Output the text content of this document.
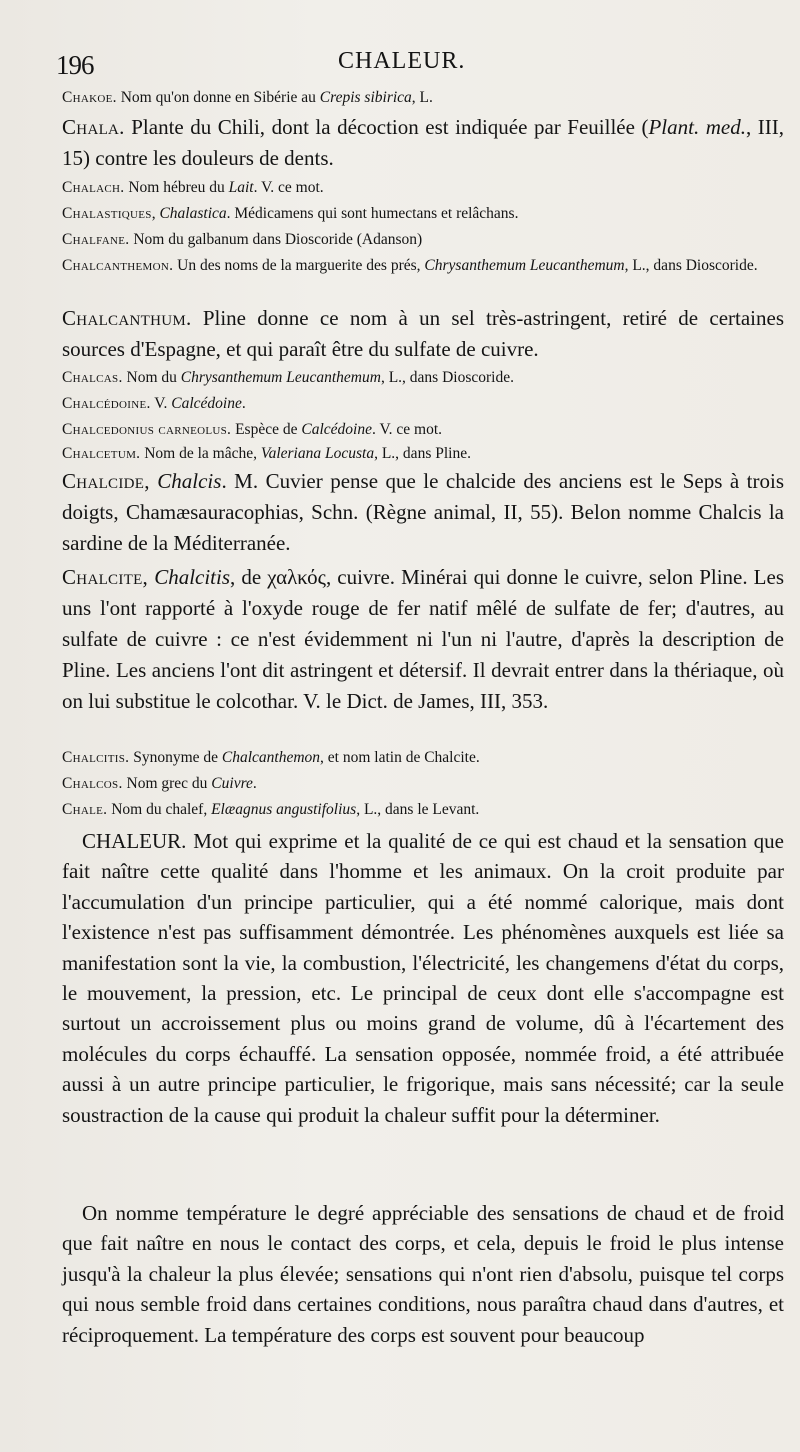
196	CHALEUR.
Chakoe. Nom qu'on donne en Sibérie au Crepis sibirica, L.
Chala. Plante du Chili, dont la décoction est indiquée par Feuillée (Plant. med., III, 15) contre les douleurs de dents.
Chalach. Nom hébreu du Lait. V. ce mot.
Chalastiques, Chalastica. Médicamens qui sont humectans et relâchans.
Chalfane. Nom du galbanum dans Dioscoride (Adanson)
Chalcanthemon. Un des noms de la marguerite des prés, Chrysanthemum Leucanthemum, L., dans Dioscoride.
Chalcanthum. Pline donne ce nom à un sel très-astringent, retiré de certaines sources d'Espagne, et qui paraît être du sulfate de cuivre.
Chalcas. Nom du Chrysanthemum Leucanthemum, L., dans Dioscoride.
Chalcédoine. V. Calcédoine.
Chalcedonius carneolus. Espèce de Calcédoine. V. ce mot.
Chalcetum. Nom de la mâche, Valeriana Locusta, L., dans Pline.
Chalcide, Chalcis. M. Cuvier pense que le chalcide des anciens est le Seps à trois doigts, Chamæsauracophias, Schn. (Règne animal, II, 55). Belon nomme Chalcis la sardine de la Méditerranée.
Chalcite, Chalcitis, de χαλκός, cuivre. Minérai qui donne le cuivre, selon Pline. Les uns l'ont rapporté à l'oxyde rouge de fer natif mêlé de sulfate de fer; d'autres, au sulfate de cuivre : ce n'est évidemment ni l'un ni l'autre, d'après la description de Pline. Les anciens l'ont dit astringent et détersif. Il devrait entrer dans la thériaque, où on lui substitue le colcothar. V. le Dict. de James, III, 353.
Chalcitis. Synonyme de Chalcanthemon, et nom latin de Chalcite.
Chalcos. Nom grec du Cuivre.
Chale. Nom du chalef, Elæagnus angustifolius, L., dans le Levant.
CHALEUR. Mot qui exprime et la qualité de ce qui est chaud et la sensation que fait naître cette qualité dans l'homme et les animaux. On la croit produite par l'accumulation d'un principe particulier, qui a été nommé calorique, mais dont l'existence n'est pas suffisamment démontrée. Les phénomènes auxquels est liée sa manifestation sont la vie, la combustion, l'électricité, les changemens d'état du corps, le mouvement, la pression, etc. Le principal de ceux dont elle s'accompagne est surtout un accroissement plus ou moins grand de volume, dû à l'écartement des molécules du corps échauffé. La sensation opposée, nommée froid, a été attribuée aussi à un autre principe particulier, le frigorique, mais sans nécessité; car la seule soustraction de la cause qui produit la chaleur suffit pour la déterminer.
On nomme température le degré appréciable des sensations de chaud et de froid que fait naître en nous le contact des corps, et cela, depuis le froid le plus intense jusqu'à la chaleur la plus élevée; sensations qui n'ont rien d'absolu, puisque tel corps qui nous semble froid dans certaines conditions, nous paraîtra chaud dans d'autres, et réciproquement. La température des corps est souvent pour beaucoup
